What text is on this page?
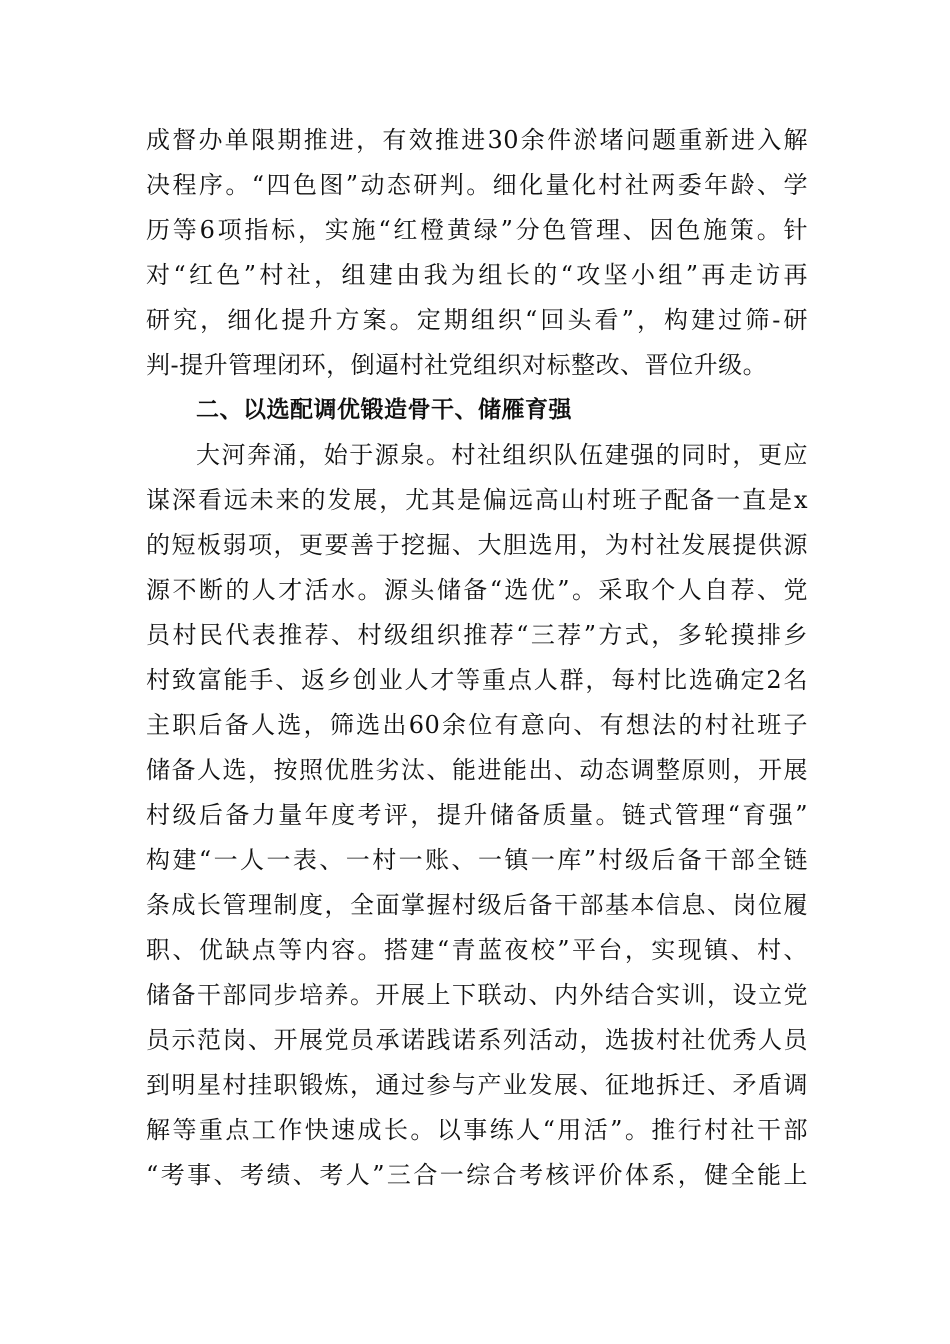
成督办单限期推进，有效推进30余件淤堵问题重新进入解
决程序。“四色图”动态研判。细化量化村社两委年龄、学
历等6项指标，实施“红橙黄绿”分色管理、因色施策。针
对“红色”村社，组建由我为组长的“攻坚小组”再走访再
研究，细化提升方案。定期组织“回头看”，构建过筛-研
判-提升管理闭环，倒逼村社党组织对标整改、晋位升级。
二、以选配调优锻造骨干、储雁育强
大河奔涌，始于源泉。村社组织队伍建强的同时，更应
谋深看远未来的发展，尤其是偏远高山村班子配备一直是x
的短板弱项，更要善于挖掘、大胆选用，为村社发展提供源
源不断的人才活水。源头储备“选优”。采取个人自荐、党
员村民代表推荐、村级组织推荐“三荐”方式，多轮摸排乡
村致富能手、返乡创业人才等重点人群，每村比选确定2名
主职后备人选，筛选出60余位有意向、有想法的村社班子
储备人选，按照优胜劣汰、能进能出、动态调整原则，开展
村级后备力量年度考评，提升储备质量。链式管理“育强”
构建“一人一表、一村一账、一镇一库”村级后备干部全链
条成长管理制度，全面掌握村级后备干部基本信息、岗位履
职、优缺点等内容。搭建“青蓝夜校”平台，实现镇、村、
储备干部同步培养。开展上下联动、内外结合实训，设立党
员示范岗、开展党员承诺践诺系列活动，选拔村社优秀人员
到明星村挂职锻炼，通过参与产业发展、征地拆迁、矛盾调
解等重点工作快速成长。以事练人“用活”。推行村社干部
“考事、考绩、考人”三合一综合考核评价体系，健全能上
